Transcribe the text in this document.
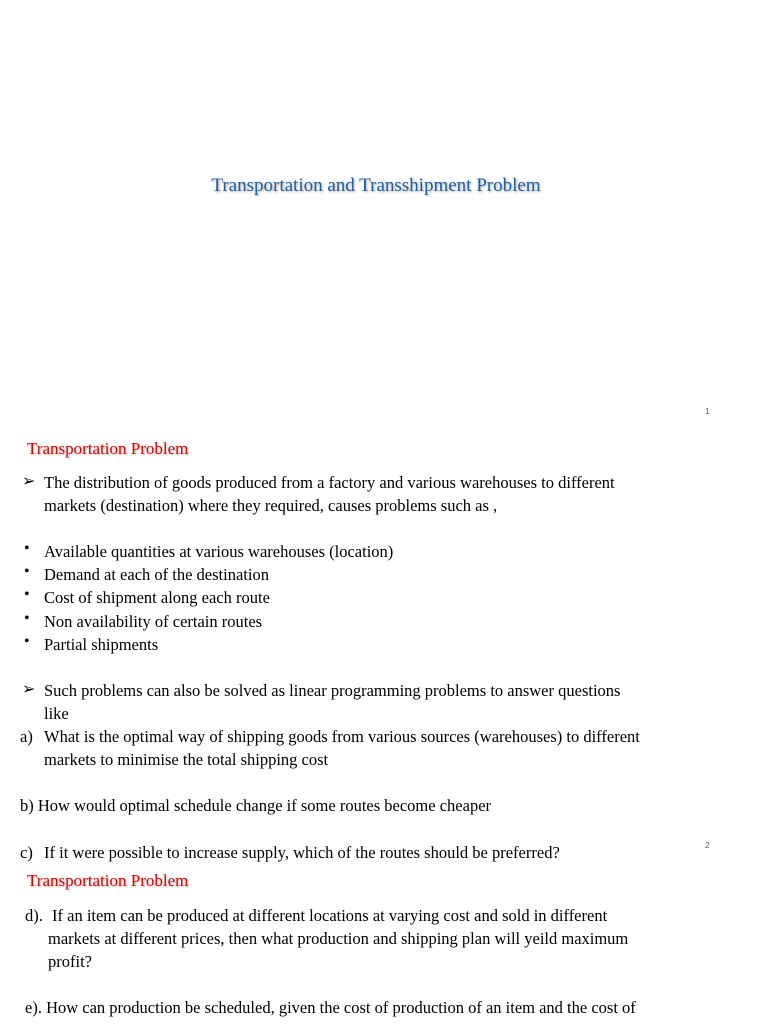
Transportation and Transshipment Problem
1
Transportation Problem
➢ The distribution of goods produced from a factory and various warehouses to different
markets (destination) where they required, causes problems such as ,
• Available quantities at various warehouses (location)
• Demand at each of the destination
• Cost of shipment along each route
• Non availability of certain routes
• Partial shipments
➢ Such problems can also be solved as linear programming problems to answer questions
like
a) What is the optimal way of shipping goods from various sources (warehouses) to different
markets to minimise the total shipping cost
b) How would optimal schedule change if some routes become cheaper
c) If it were possible to increase supply, which of the routes should be preferred?	2
Transportation Problem
d). If an item can be produced at different locations at varying cost and sold in different
markets at different prices, then what production and shipping plan will yeild maximum
profit?
e). How can production be scheduled, given the cost of production of an item and the cost of
